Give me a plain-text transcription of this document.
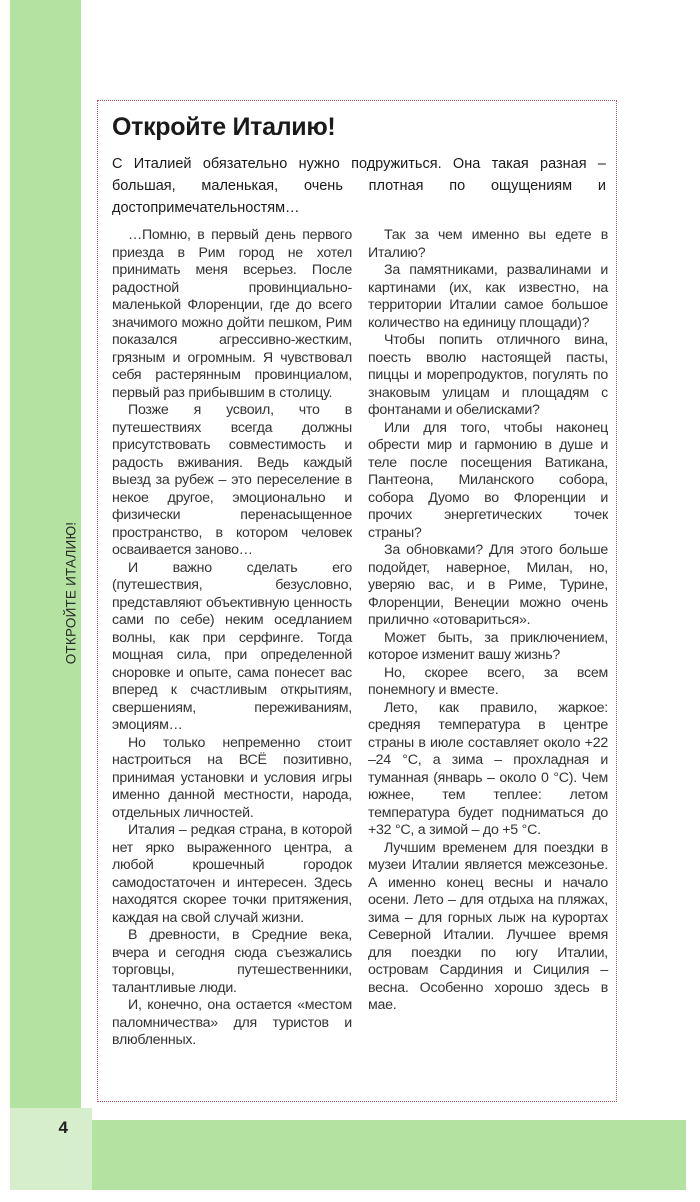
ОТКРОЙТЕ ИТАЛИЮ!
4
Откройте Италию!

С Италией обязательно нужно подружиться. Она такая разная – большая, маленькая, очень плотная по ощущениям и достопримечательностям…

…Помню, в первый день первого приезда в Рим город не хотел принимать меня всерьез. После радостной провинциально-маленькой Флоренции, где до всего значимого можно дойти пешком, Рим показался агрессивно-жестким, грязным и огромным. Я чувствовал себя растерянным провинциалом, первый раз прибывшим в столицу.

Позже я усвоил, что в путешествиях всегда должны присутствовать совместимость и радость вживания. Ведь каждый выезд за рубеж – это переселение в некое другое, эмоционально и физически перенасыщенное пространство, в котором человек осваивается заново…

И важно сделать его (путешествия, безусловно, представляют объективную ценность сами по себе) неким оседланием волны, как при серфинге. Тогда мощная сила, при определенной сноровке и опыте, сама понесет вас вперед к счастливым открытиям, свершениям, переживаниям, эмоциям…

Но только непременно стоит настроиться на ВСЁ позитивно, принимая установки и условия игры именно данной местности, народа, отдельных личностей.

Италия – редкая страна, в которой нет ярко выраженного центра, а любой крошечный городок самодостаточен и интересен. Здесь находятся скорее точки притяжения, каждая на свой случай жизни.

В древности, в Средние века, вчера и сегодня сюда съезжались торговцы, путешественники, талантливые люди.

И, конечно, она остается «местом паломничества» для туристов и влюбленных.

Так за чем именно вы едете в Италию?

За памятниками, развалинами и картинами (их, как известно, на территории Италии самое большое количество на единицу площади)?

Чтобы попить отличного вина, поесть вволю настоящей пасты, пиццы и морепродуктов, погулять по знаковым улицам и площадям с фонтанами и обелисками?

Или для того, чтобы наконец обрести мир и гармонию в душе и теле после посещения Ватикана, Пантеона, Миланского собора, собора Дуомо во Флоренции и прочих энергетических точек страны?

За обновками? Для этого больше подойдет, наверное, Милан, но, уверяю вас, и в Риме, Турине, Флоренции, Венеции можно очень прилично «отовариться».

Может быть, за приключением, которое изменит вашу жизнь?

Но, скорее всего, за всем понемногу и вместе.

Лето, как правило, жаркое: средняя температура в центре страны в июле составляет около +22 –24 °C, а зима – прохладная и туманная (январь – около 0 °C). Чем южнее, тем теплее: летом температура будет подниматься до +32 °C, а зимой – до +5 °C.

Лучшим временем для поездки в музеи Италии является межсезонье. А именно конец весны и начало осени. Лето – для отдыха на пляжах, зима – для горных лыж на курортах Северной Италии. Лучшее время для поездки по югу Италии, островам Сардиния и Сицилия – весна. Особенно хорошо здесь в мае.
